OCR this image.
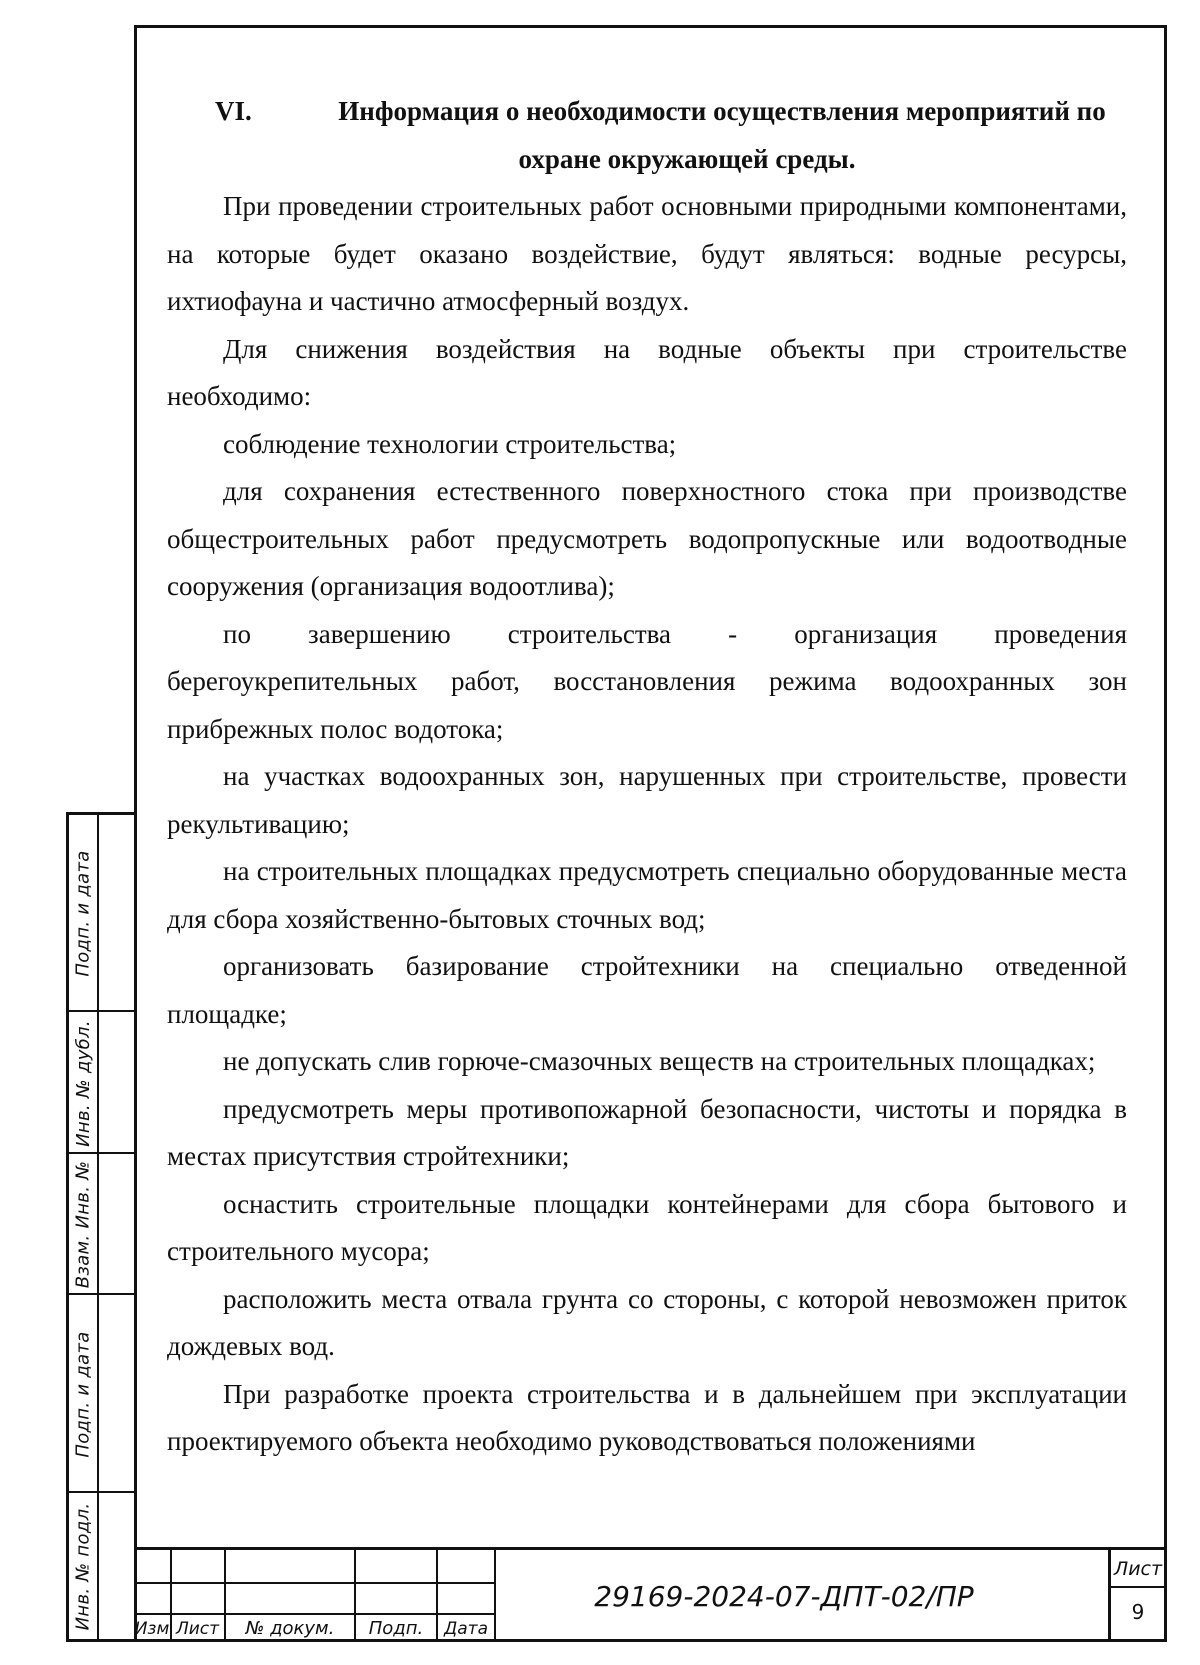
VI.	Информация о необходимости осуществления мероприятий по
охране окружающей среды.

При проведении строительных работ основными природными компонентами, на которые будет оказано воздействие, будут являться: водные ресурсы, ихтиофауна и частично атмосферный воздух.

Для снижения воздействия на водные объекты при строительстве необходимо:

соблюдение технологии строительства;

для сохранения естественного поверхностного стока при производстве общестроительных работ предусмотреть водопропускные или водоотводные сооружения (организация водоотлива);

по завершению строительства - организация проведения берегоукрепительных работ, восстановления режима водоохранных зон прибрежных полос водотока;

на участках водоохранных зон, нарушенных при строительстве, провести рекультивацию;

на строительных площадках предусмотреть специально оборудованные места для сбора хозяйственно-бытовых сточных вод;

организовать базирование стройтехники на специально отведенной площадке;

не допускать слив горюче-смазочных веществ на строительных площадках;

предусмотреть меры противопожарной безопасности, чистоты и порядка в местах присутствия стройтехники;

оснастить строительные площадки контейнерами для сбора бытового и строительного мусора;

расположить места отвала грунта со стороны, с которой невозможен приток дождевых вод.

При разработке проекта строительства и в дальнейшем при эксплуатации проектируемого объекта необходимо руководствоваться положениями

Подп. и дата
Инв. № дубл.
Взам. Инв. №
Подп. и дата
Инв. № подл. Изм Лист	№ докум.	Подп.	Дата
29169-2024-07-ДПТ-02/ПР
Лист
9
